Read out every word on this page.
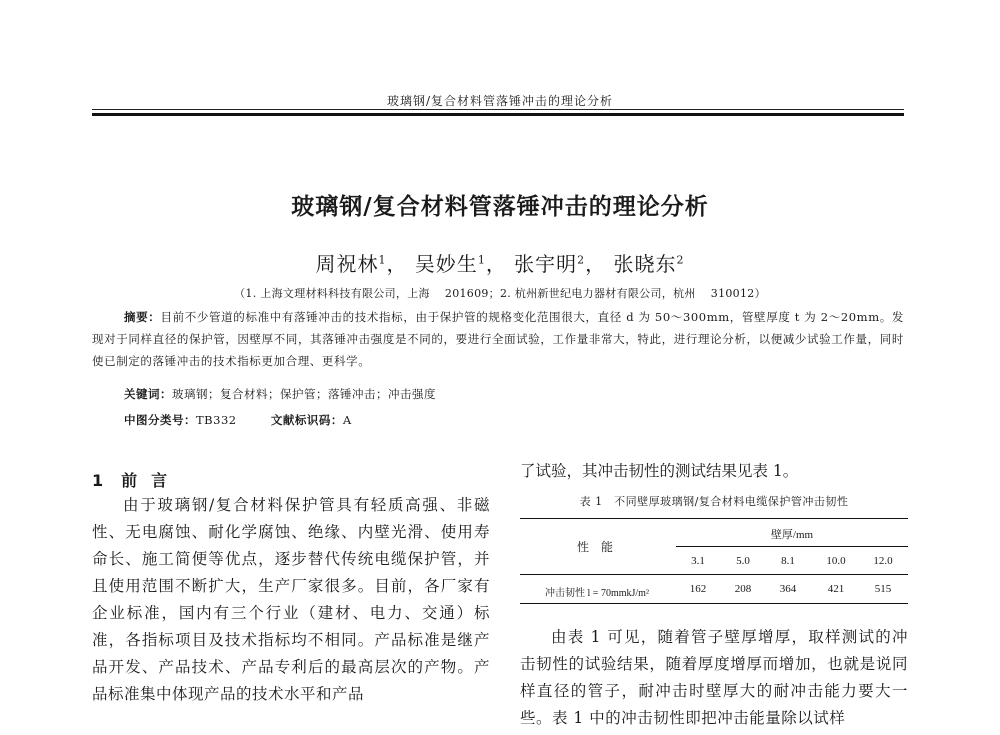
玻璃钢/复合材料管落锤冲击的理论分析
玻璃钢/复合材料管落锤冲击的理论分析
周祝林$^1$， 吴妙生$^1$， 张宇明$^2$， 张晓东$^2$
（1. 上海文理材料科技有限公司，上海　 201609；2. 杭州新世纪电力器材有限公司，杭州　 310012）
摘要：目前不少管道的标准中有落锤冲击的技术指标，由于保护管的规格变化范围很大，直径 d 为 50～300mm，管壁厚度 t 为 2～20mm。发现对于同样直径的保护管，因壁厚不同，其落锤冲击强度是不同的，要进行全面试验，工作量非常大，特此，进行理论分析，以便减少试验工作量，同时使已制定的落锤冲击的技术指标更加合理、更科学。
关键词：玻璃钢；复合材料；保护管；落锤冲击；冲击强度
中图分类号：TB332	文献标识码：A
1 前言
由于玻璃钢/复合材料保护管具有轻质高强、非磁性、无电腐蚀、耐化学腐蚀、绝缘、内壁光滑、使用寿命长、施工简便等优点，逐步替代传统电缆保护管，并且使用范围不断扩大，生产厂家很多。目前，各厂家有企业标准，国内有三个行业（建材、电力、交通）标准，各指标项目及技术指标均不相同。产品标准是继产品开发、产品技术、产品专利后的最高层次的产物。产品标准集中体现产品的技术水平和产品
了试验，其冲击韧性的测试结果见表 1。
表 1　不同壁厚玻璃钢/复合材料电缆保护管冲击韧性
性　能
壁厚/mm
3.1	5.0	8.1	10.0	12.0
冲击韧性 l = 70mmkJ/m²	162	208	364	421	515
由表 1 可见，随着管子壁厚增厚，取样测试的冲击韧性的试验结果，随着厚度增厚而增加，也就是说同样直径的管子，耐冲击时壁厚大的耐冲击能力要大一些。表 1 中的冲击韧性即把冲击能量除以试样
